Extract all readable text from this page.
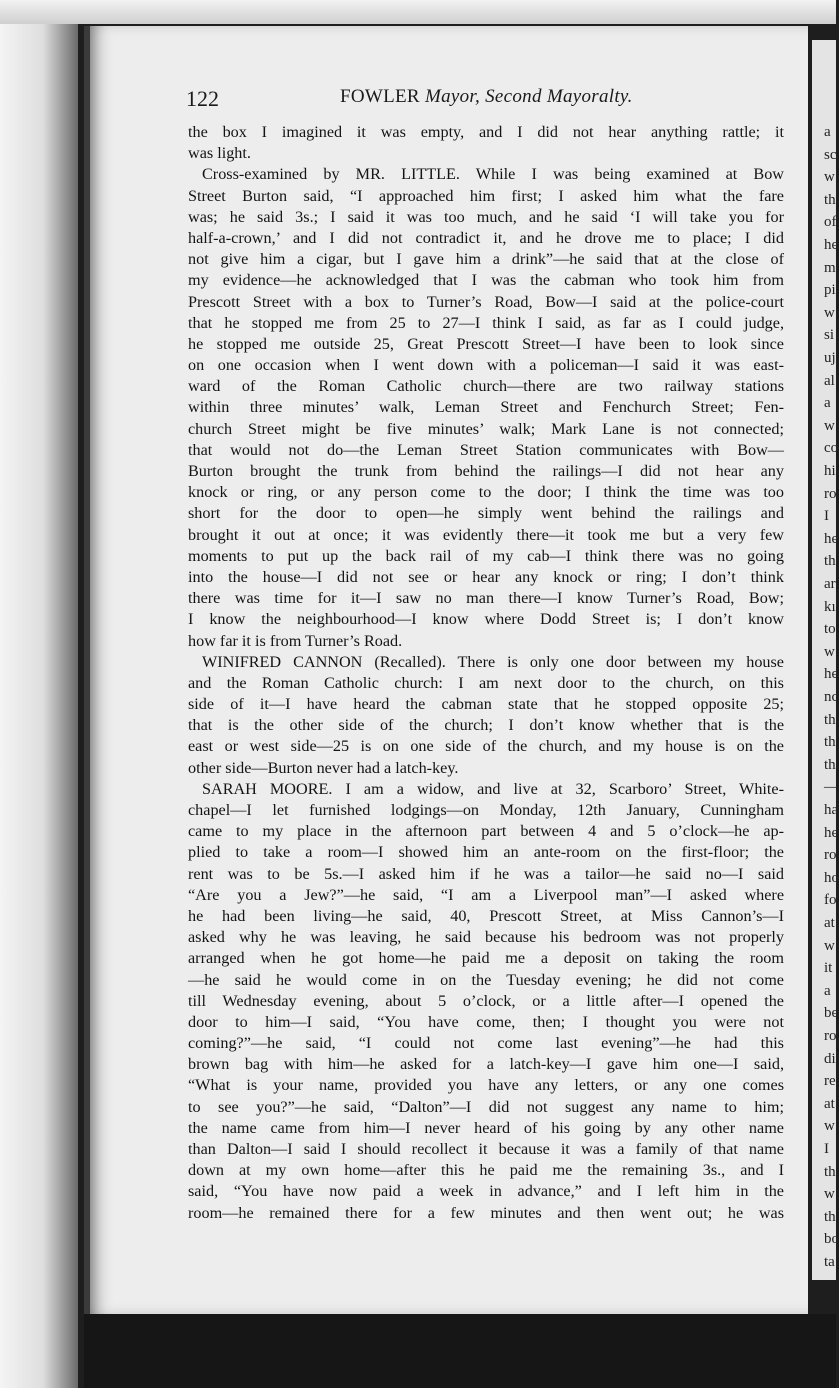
a
sc
w
th
of
he
m
pi
w
si
uj
al
a
w
co
hi
ro
I
he
th
ar
kı
to
w
he
nc
th
th
th
—
ha
he
ro
ho
fo
at
w
it
a
be
ro
di
re
at
w
I
th
w
th
bo
ta
122	FOWLER Mayor, Second Mayoralty.
the box I imagined it was empty, and I did not hear anything rattle; it
was light.
Cross-examined by MR. LITTLE. While I was being examined at Bow
Street Burton said, “I approached him first; I asked him what the fare
was; he said 3s.; I said it was too much, and he said ‘I will take you for
half-a-crown,’ and I did not contradict it, and he drove me to place; I did
not give him a cigar, but I gave him a drink”—he said that at the close of
my evidence—he acknowledged that I was the cabman who took him from
Prescott Street with a box to Turner’s Road, Bow—I said at the police-court
that he stopped me from 25 to 27—I think I said, as far as I could judge,
he stopped me outside 25, Great Prescott Street—I have been to look since
on one occasion when I went down with a policeman—I said it was east-
ward of the Roman Catholic church—there are two railway stations
within three minutes’ walk, Leman Street and Fenchurch Street; Fen-
church Street might be five minutes’ walk; Mark Lane is not connected;
that would not do—the Leman Street Station communicates with Bow—
Burton brought the trunk from behind the railings—I did not hear any
knock or ring, or any person come to the door; I think the time was too
short for the door to open—he simply went behind the railings and
brought it out at once; it was evidently there—it took me but a very few
moments to put up the back rail of my cab—I think there was no going
into the house—I did not see or hear any knock or ring; I don’t think
there was time for it—I saw no man there—I know Turner’s Road, Bow;
I know the neighbourhood—I know where Dodd Street is; I don’t know
how far it is from Turner’s Road.
WINIFRED CANNON (Recalled). There is only one door between my house
and the Roman Catholic church: I am next door to the church, on this
side of it—I have heard the cabman state that he stopped opposite 25;
that is the other side of the church; I don’t know whether that is the
east or west side—25 is on one side of the church, and my house is on the
other side—Burton never had a latch-key.
SARAH MOORE. I am a widow, and live at 32, Scarboro’ Street, White-
chapel—I let furnished lodgings—on Monday, 12th January, Cunningham
came to my place in the afternoon part between 4 and 5 o’clock—he ap-
plied to take a room—I showed him an ante-room on the first-floor; the
rent was to be 5s.—I asked him if he was a tailor—he said no—I said
“Are you a Jew?”—he said, “I am a Liverpool man”—I asked where
he had been living—he said, 40, Prescott Street, at Miss Cannon’s—I
asked why he was leaving, he said because his bedroom was not properly
arranged when he got home—he paid me a deposit on taking the room
—he said he would come in on the Tuesday evening; he did not come
till Wednesday evening, about 5 o’clock, or a little after—I opened the
door to him—I said, “You have come, then; I thought you were not
coming?”—he said, “I could not come last evening”—he had this
brown bag with him—he asked for a latch-key—I gave him one—I said,
“What is your name, provided you have any letters, or any one comes
to see you?”—he said, “Dalton”—I did not suggest any name to him;
the name came from him—I never heard of his going by any other name
than Dalton—I said I should recollect it because it was a family of that name
down at my own home—after this he paid me the remaining 3s., and I
said, “You have now paid a week in advance,” and I left him in the
room—he remained there for a few minutes and then went out; he was
